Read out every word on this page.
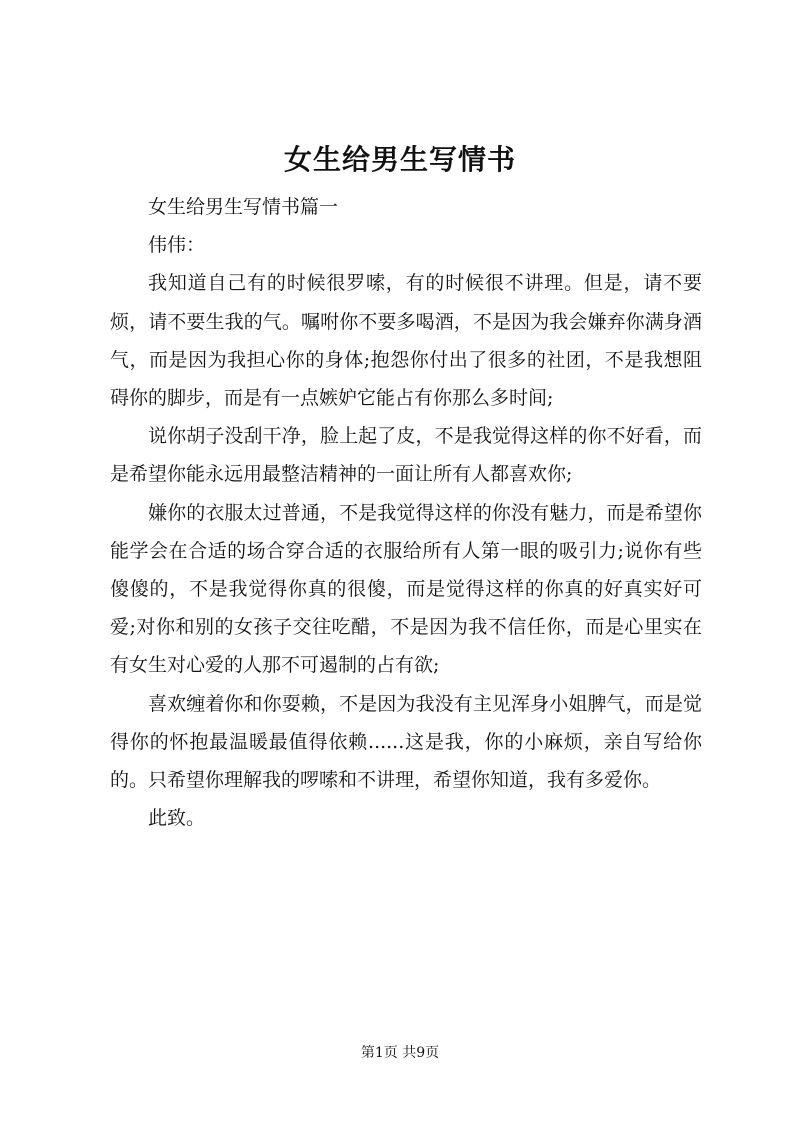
女生给男生写情书

女生给男生写情书篇一

伟伟：

我知道自己有的时候很罗嗦，有的时候很不讲理。但是，请不要烦，请不要生我的气。嘱咐你不要多喝酒，不是因为我会嫌弃你满身酒气，而是因为我担心你的身体;抱怨你付出了很多的社团，不是我想阻碍你的脚步，而是有一点嫉妒它能占有你那么多时间;

说你胡子没刮干净，脸上起了皮，不是我觉得这样的你不好看，而是希望你能永远用最整洁精神的一面让所有人都喜欢你;

嫌你的衣服太过普通，不是我觉得这样的你没有魅力，而是希望你能学会在合适的场合穿合适的衣服给所有人第一眼的吸引力;说你有些傻傻的，不是我觉得你真的很傻，而是觉得这样的你真的好真实好可爱;对你和别的女孩子交往吃醋，不是因为我不信任你，而是心里实在有女生对心爱的人那不可遏制的占有欲;

喜欢缠着你和你耍赖，不是因为我没有主见浑身小姐脾气，而是觉得你的怀抱最温暖最值得依赖......这是我，你的小麻烦，亲自写给你的。只希望你理解我的啰嗦和不讲理，希望你知道，我有多爱你。

此致。

第1页 共9页
